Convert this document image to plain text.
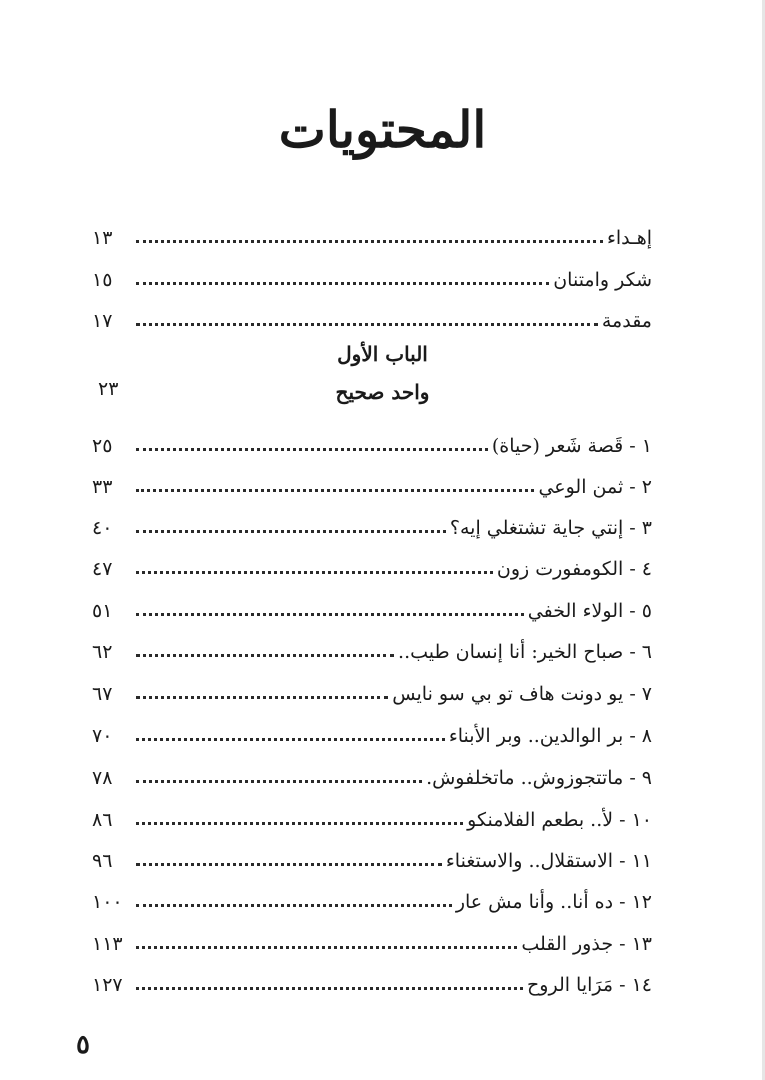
المحتويات
إهـداء
١٣
شكر وامتنان
١٥
مقدمة
١٧
الباب الأول
واحد صحيح
٢٣
١ - قَصة شَعر (حياة)
٢٥
٢ - ثمن الوعي
٣٣
٣ - إنتي جاية تشتغلي إيه؟
٤٠
٤ - الكومفورت زون
٤٧
٥ - الولاء الخفي
٥١
٦ - صباح الخير: أنا إنسان طيب..
٦٢
٧ - يو دونت هاف تو بي سو نايس
٦٧
٨ - بر الوالدين.. وبر الأبناء
٧٠
٩ - ماتتجوزوش.. ماتخلفوش.
٧٨
١٠ - لأ.. بطعم الفلامنكو
٨٦
١١ - الاستقلال.. والاستغناء
٩٦
١٢ - ده أنا.. وأنا مش عار
١٠٠
١٣ - جذور القلب
١١٣
١٤ - مَرَايا الروح
١٢٧
٥
